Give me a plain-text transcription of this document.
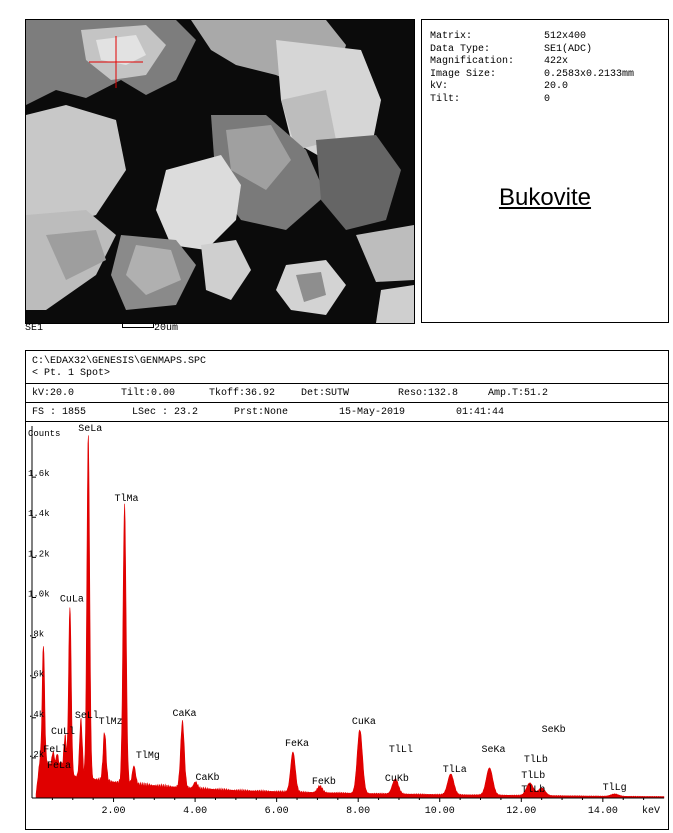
SE1	20um
Matrix:	512x400
Data Type:	SE1(ADC)
Magnification:	422x
Image Size:	0.2583x0.2133mm
kV:	20.0
Tilt:	0
Bukovite
C:\EDAX32\GENESIS\GENMAPS.SPC
< Pt. 1 Spot>
kV:20.0	Tilt:0.00	Tkoff:36.92	Det:SUTW	Reso:132.8	Amp.T:51.2
FS : 1855	LSec : 23.2	Prst:None	15-May-2019	01:41:44
Counts
.2k
.4k
.6k
.8k
1.0k
1.2k
1.4k
1.6k
2.00	4.00	6.00	8.00	10.00	12.00	14.00 keV
SeLa
TlMa
CuLa
CuLl
FeLl
FeLa
SeLl
TlMz
TlMg
CaKa
CaKb
FeKa
FeKb
CuKa
CuKb
TlLl
TlLa
SeKa
TlLb
SeKb
TlLg
TlLb
TlLb
